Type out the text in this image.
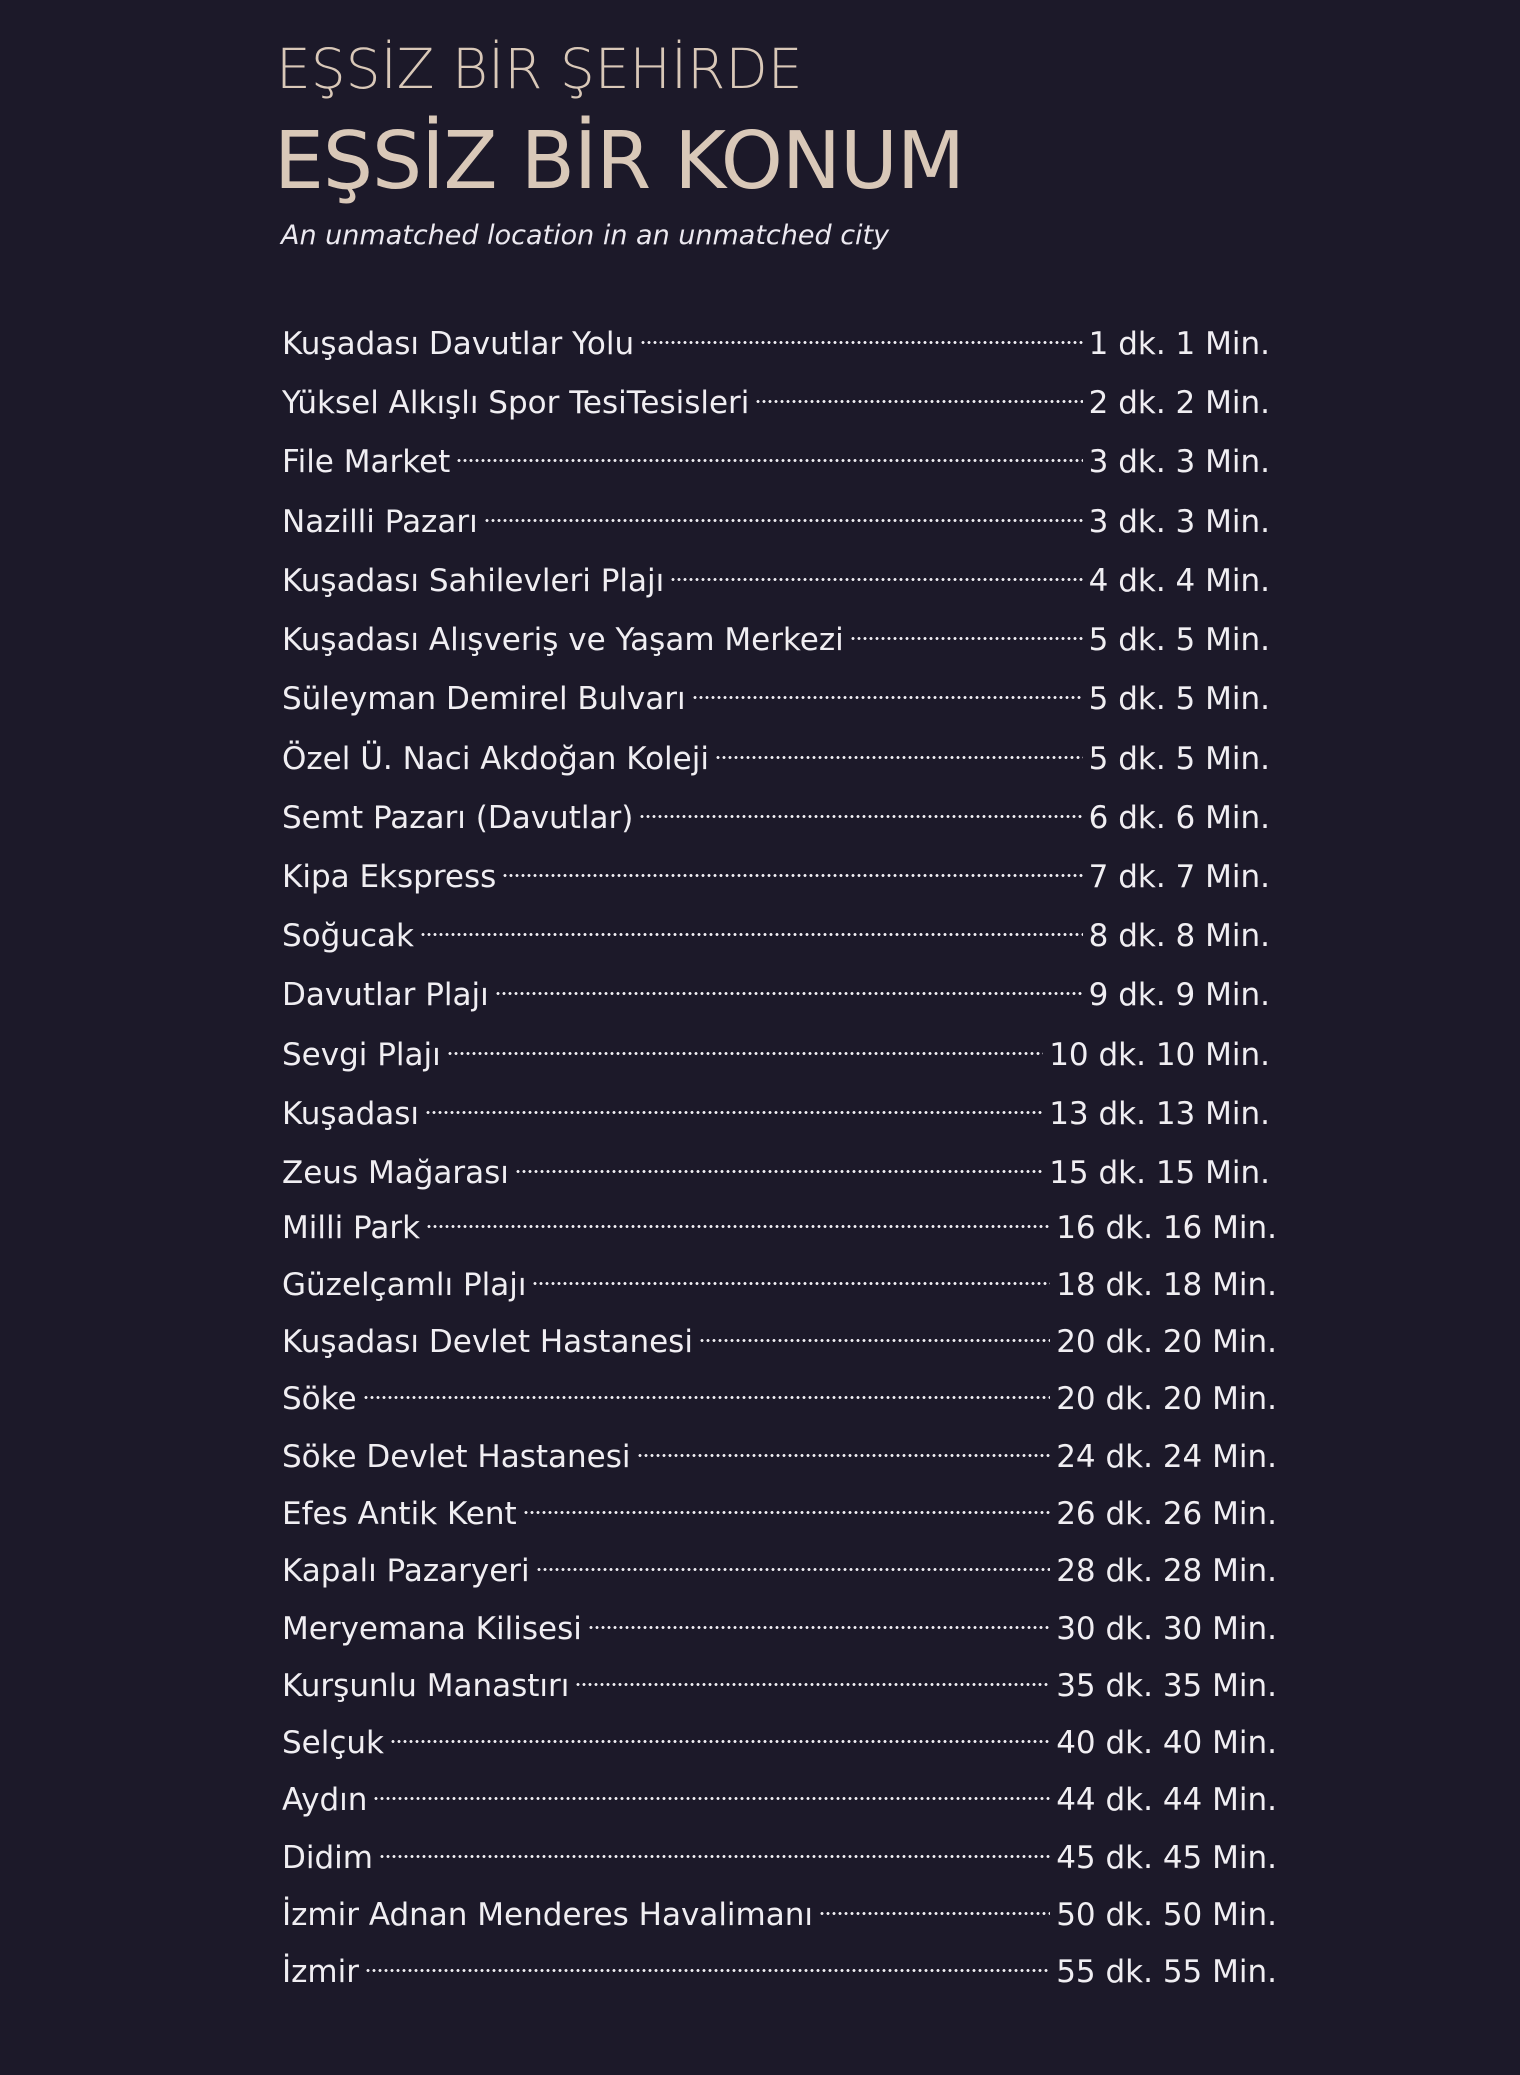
EŞSİZ BİR ŞEHİRDE
EŞSİZ BİR KONUM
An unmatched location in an unmatched city
Kuşadası Davutlar Yolu	1 dk. 1 Min.
Yüksel Alkışlı Spor TesiTesisleri	2 dk. 2 Min.
File Market	3 dk. 3 Min.
Nazilli Pazarı	3 dk. 3 Min.
Kuşadası Sahilevleri Plajı	4 dk. 4 Min.
Kuşadası Alışveriş ve Yaşam Merkezi	5 dk. 5 Min.
Süleyman Demirel Bulvarı	5 dk. 5 Min.
Özel Ü. Naci Akdoğan Koleji	5 dk. 5 Min.
Semt Pazarı (Davutlar)	6 dk. 6 Min.
Kipa Ekspress	7 dk. 7 Min.
Soğucak	8 dk. 8 Min.
Davutlar Plajı	9 dk. 9 Min.
Sevgi Plajı	10 dk. 10 Min.
Kuşadası	13 dk. 13 Min.
Zeus Mağarası	15 dk. 15 Min.
Milli Park	16 dk. 16 Min.
Güzelçamlı Plajı	18 dk. 18 Min.
Kuşadası Devlet Hastanesi	20 dk. 20 Min.
Söke	20 dk. 20 Min.
Söke Devlet Hastanesi	24 dk. 24 Min.
Efes Antik Kent	26 dk. 26 Min.
Kapalı Pazaryeri	28 dk. 28 Min.
Meryemana Kilisesi	30 dk. 30 Min.
Kurşunlu Manastırı	35 dk. 35 Min.
Selçuk	40 dk. 40 Min.
Aydın	44 dk. 44 Min.
Didim	45 dk. 45 Min.
İzmir Adnan Menderes Havalimanı	50 dk. 50 Min.
İzmir	55 dk. 55 Min.
